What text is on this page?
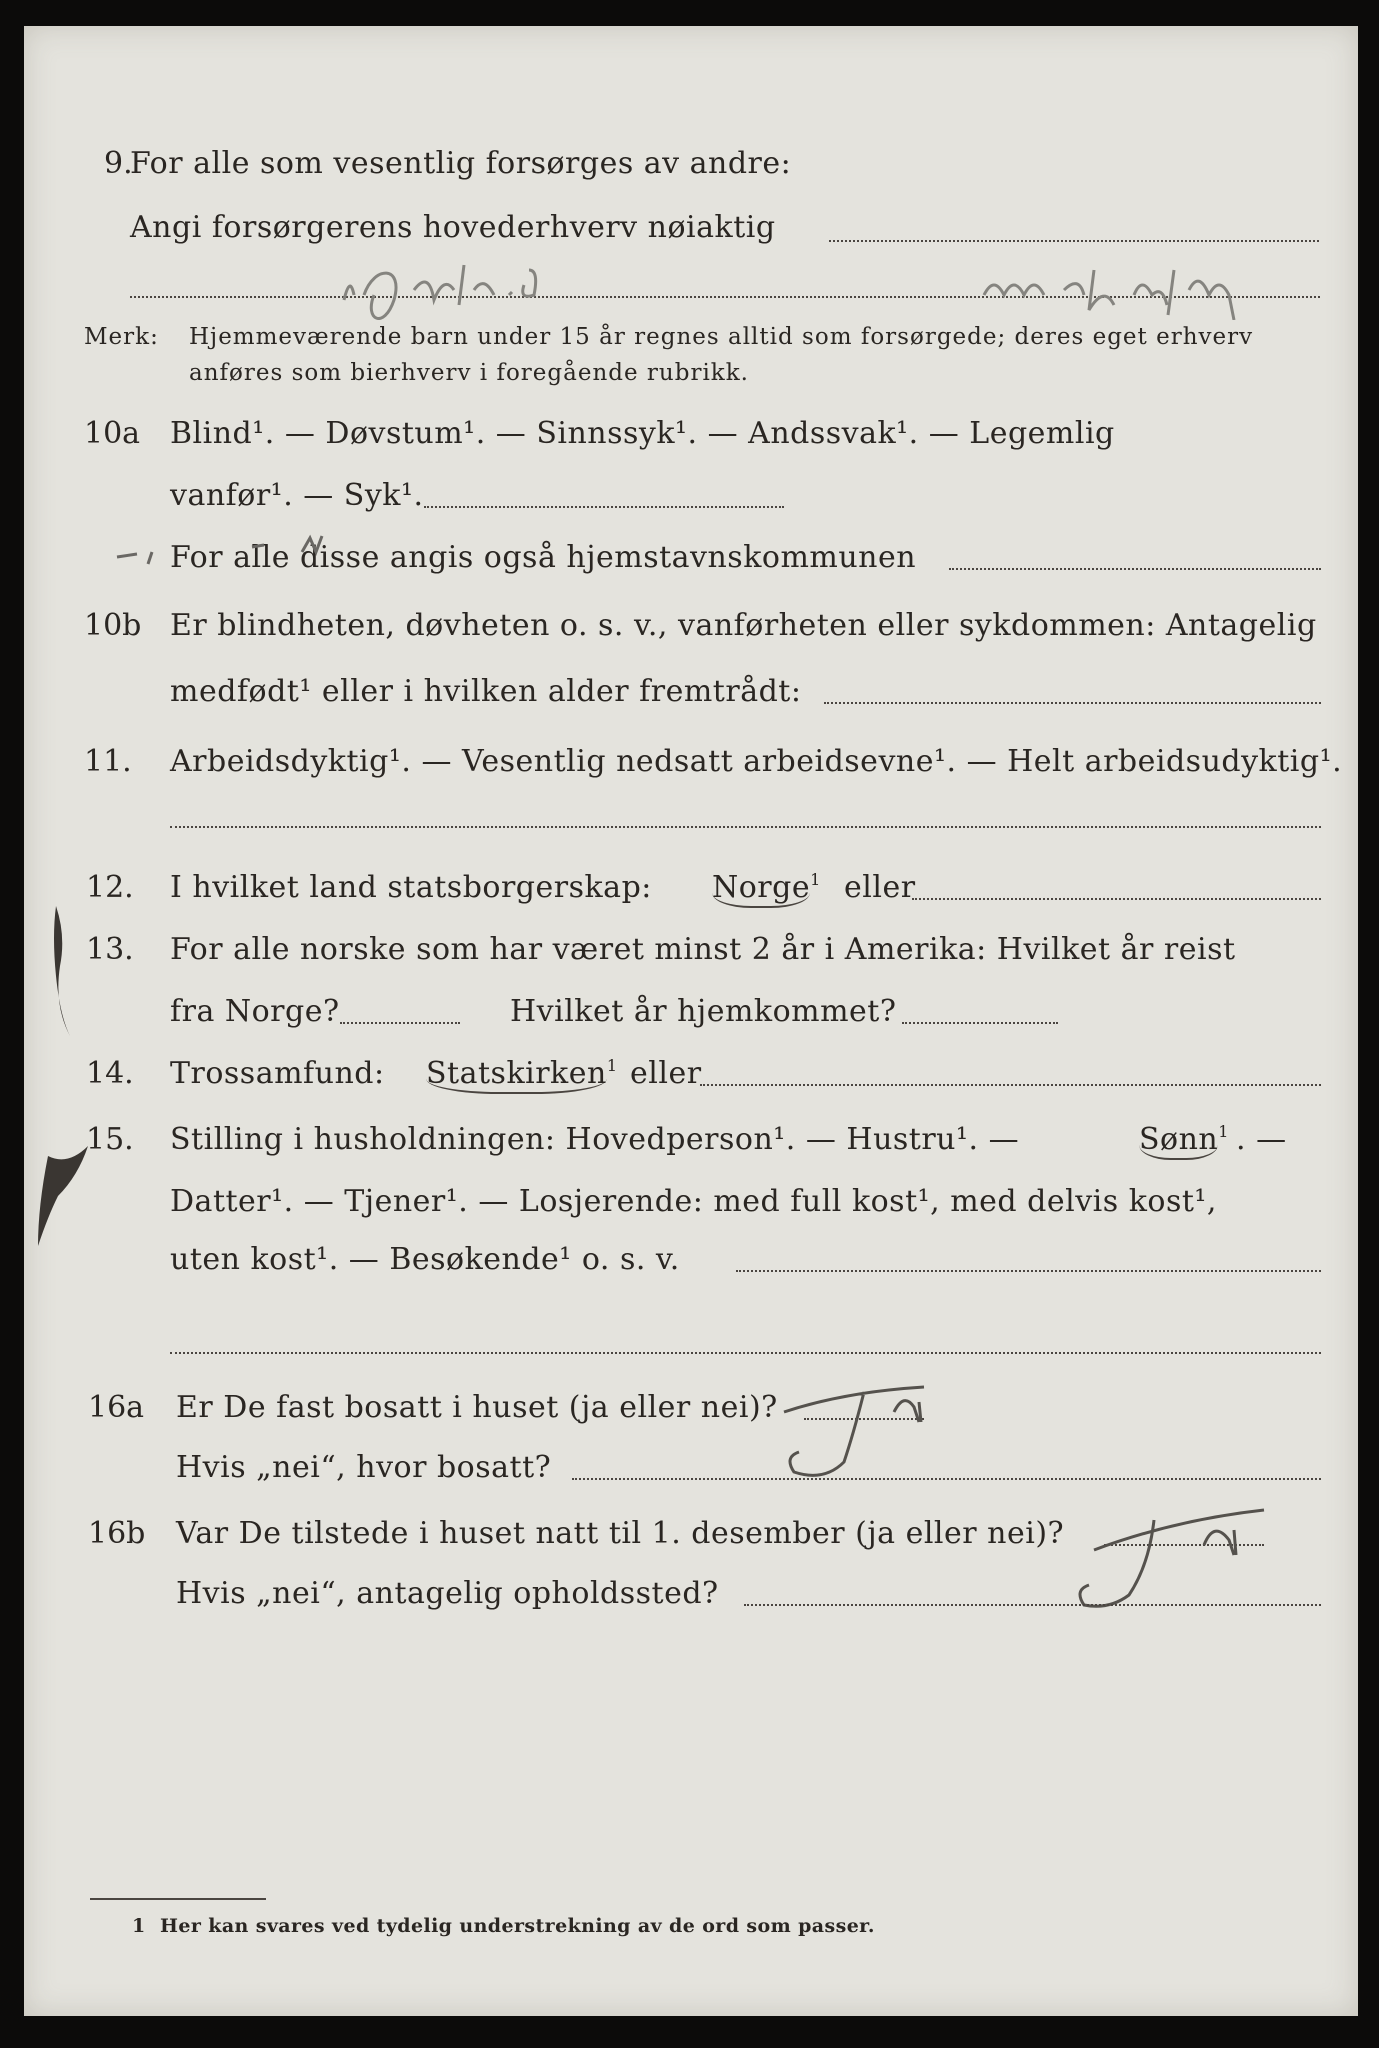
9.
For alle som vesentlig forsørges av andre:
Angi forsørgerens hovederhverv nøiaktig
Merk: Hjemmeværende barn under 15 år regnes alltid som forsørgede; deres eget erhverv
anføres som bierhverv i foregående rubrikk.
10a Blind¹. — Døvstum¹. — Sinnssyk¹. — Andssvak¹. — Legemlig
vanfør¹. — Syk¹.
For alle disse angis også hjemstavnskommunen
10b Er blindheten, døvheten o. s. v., vanførheten eller sykdommen: Antagelig
medfødt¹ eller i hvilken alder fremtrådt:
11. Arbeidsdyktig¹. — Vesentlig nedsatt arbeidsevne¹. — Helt arbeidsudyktig¹.
12. I hvilket land statsborgerskap: Norge$^1$ eller
13. For alle norske som har været minst 2 år i Amerika: Hvilket år reist
fra Norge?	Hvilket år hjemkommet?
14. Trossamfund: Statskirken$^1$ eller
15. Stilling i husholdningen: Hovedperson¹. — Hustru¹. —	Sønn$^1$ . —
Datter¹. — Tjener¹. — Losjerende: med full kost¹, med delvis kost¹,
uten kost¹. — Besøkende¹ o. s. v.
16a Er De fast bosatt i huset (ja eller nei)?
Hvis „nei“, hvor bosatt?
16b Var De tilstede i huset natt til 1. desember (ja eller nei)?
Hvis „nei“, antagelig opholdssted?
1 Her kan svares ved tydelig understrekning av de ord som passer.
